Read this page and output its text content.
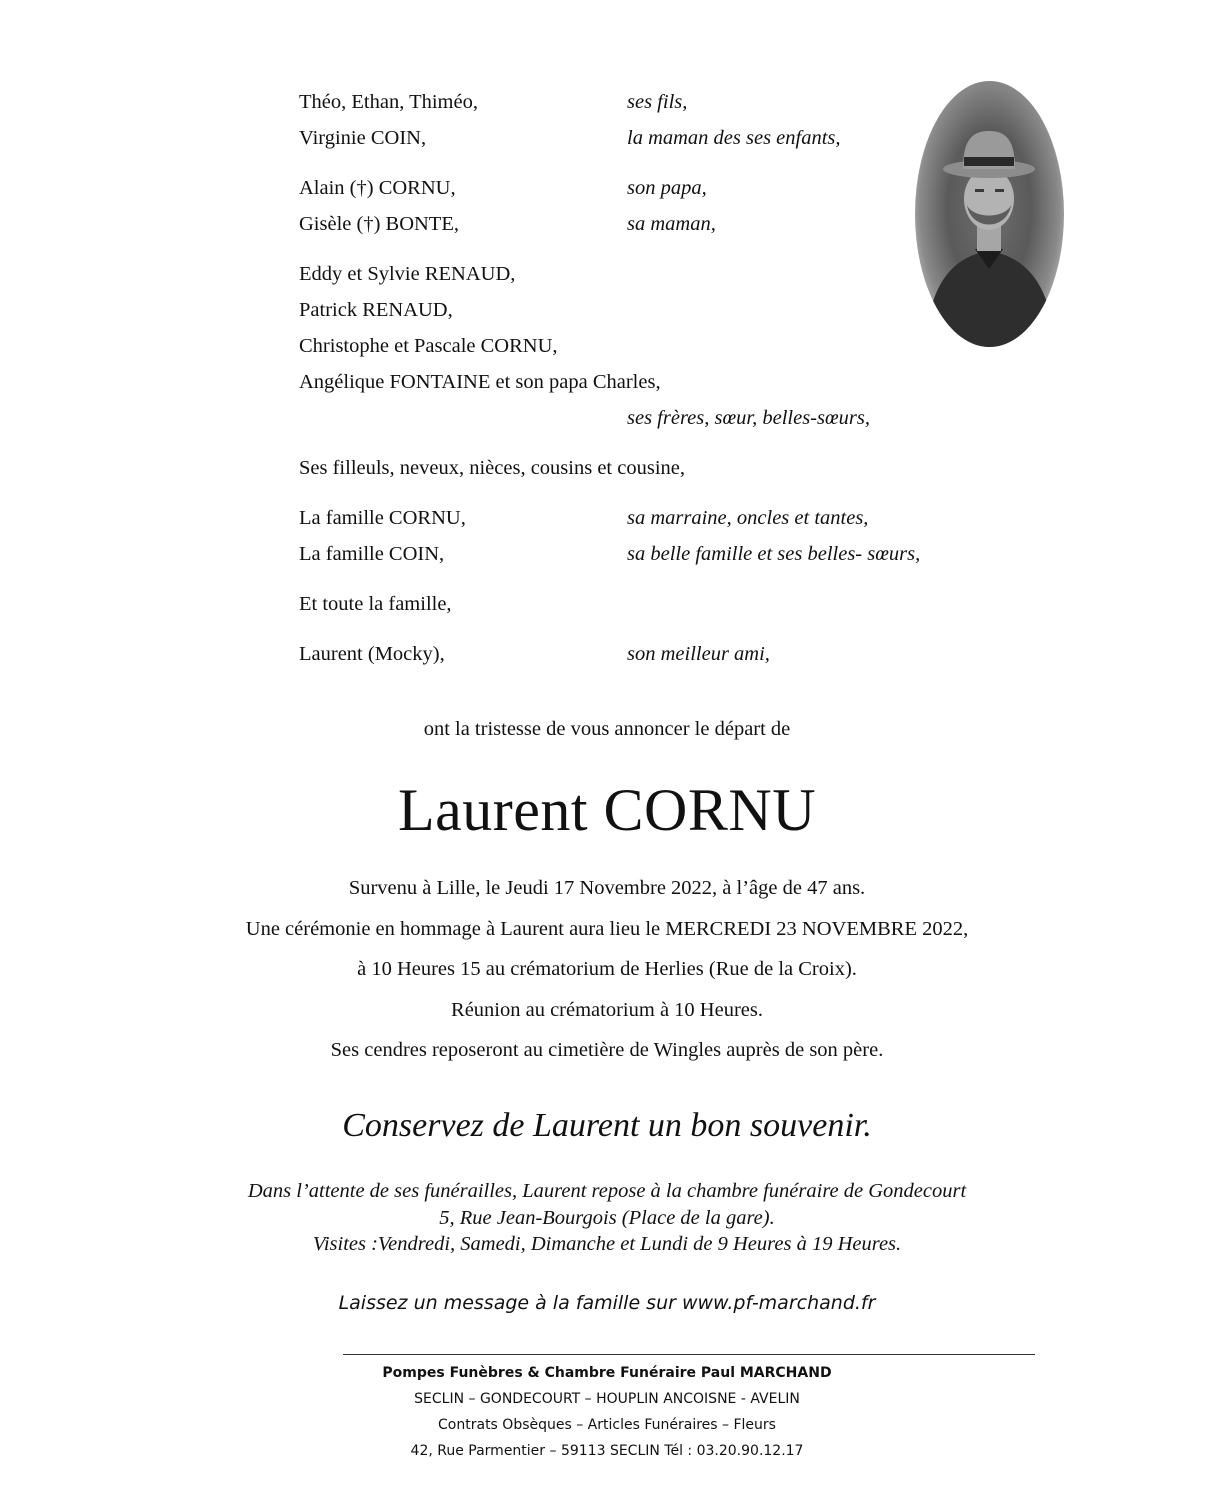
Théo, Ethan, Thiméo,	ses fils,
Virginie COIN,	la maman des ses enfants,
Alain (†) CORNU,	son papa,
Gisèle (†) BONTE,	sa maman,
Eddy et Sylvie RENAUD,
Patrick RENAUD,
Christophe et Pascale CORNU,
Angélique FONTAINE et son papa Charles,
ses frères, sœur, belles-sœurs,
Ses filleuls, neveux, nièces, cousins et cousine,
La famille CORNU,	sa marraine, oncles et tantes,
La famille COIN,	sa belle famille et ses belles- sœurs,
Et toute la famille,
Laurent (Mocky),	son meilleur ami,
ont la tristesse de vous annoncer le départ de
Laurent CORNU
Survenu à Lille, le Jeudi 17 Novembre 2022, à l’âge de 47 ans.
Une cérémonie en hommage à Laurent aura lieu le MERCREDI 23 NOVEMBRE 2022,
à 10 Heures 15 au crématorium de Herlies (Rue de la Croix).
Réunion au crématorium à 10 Heures.
Ses cendres reposeront au cimetière de Wingles auprès de son père.
Conservez de Laurent un bon souvenir.
Dans l’attente de ses funérailles, Laurent repose à la chambre funéraire de Gondecourt
5, Rue Jean-Bourgois (Place de la gare).
Visites :Vendredi, Samedi, Dimanche et Lundi de 9 Heures à 19 Heures.
Laissez un message à la famille sur www.pf-marchand.fr
Pompes Funèbres & Chambre Funéraire Paul MARCHAND
SECLIN – GONDECOURT – HOUPLIN ANCOISNE - AVELIN
Contrats Obsèques – Articles Funéraires – Fleurs
42, Rue Parmentier – 59113 SECLIN Tél : 03.20.90.12.17
